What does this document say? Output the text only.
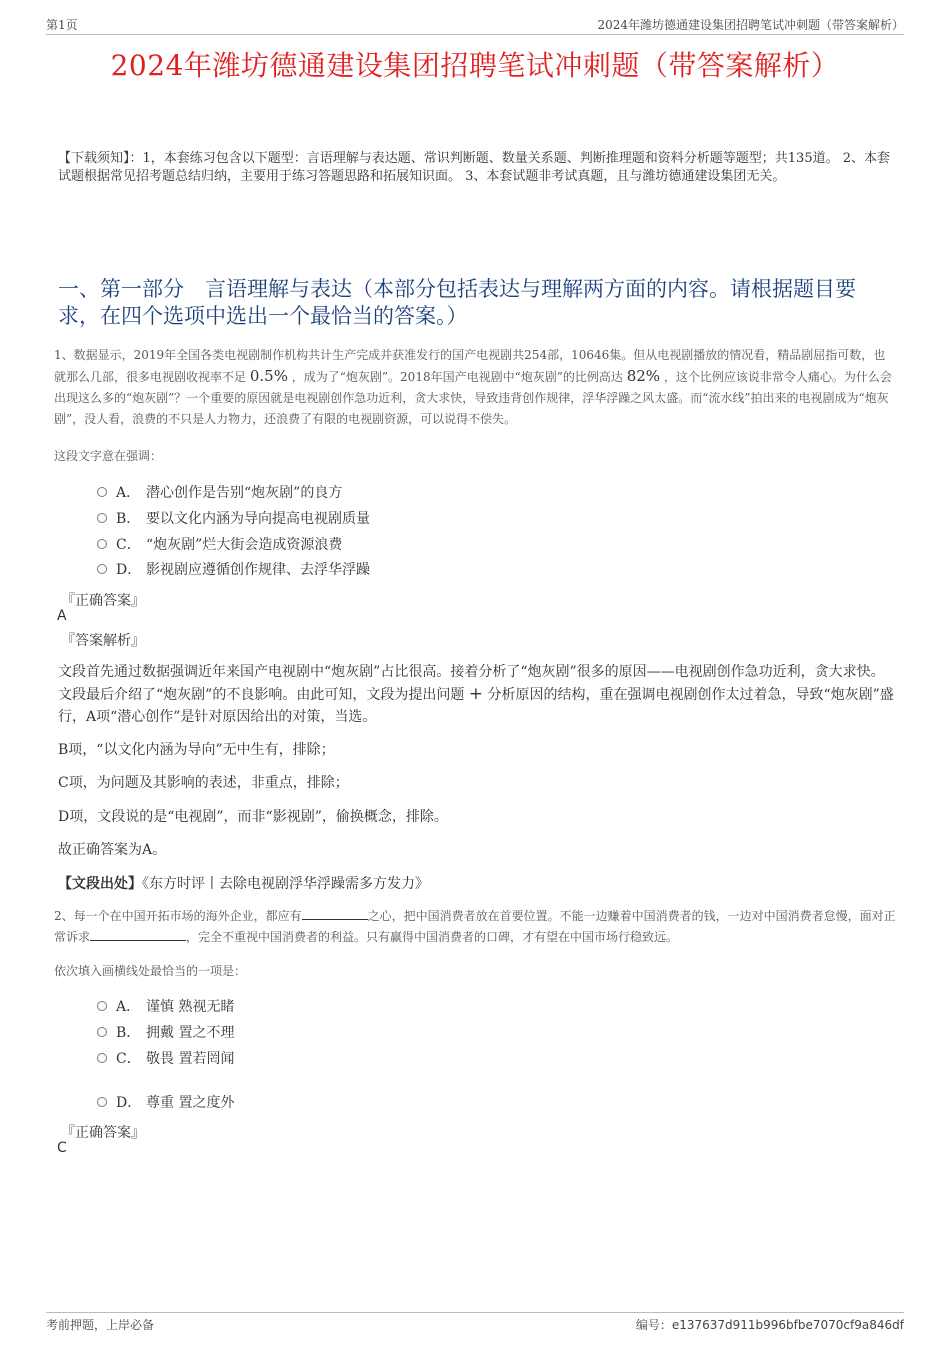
第1页	2024年潍坊德通建设集团招聘笔试冲刺题（带答案解析）
2024年潍坊德通建设集团招聘笔试冲刺题（带答案解析）
【下载须知】：1，本套练习包含以下题型：言语理解与表达题、常识判断题、数量关系题、判断推理题和资料分析题等题型；共135道。 2、本套试题根据常见招考题总结归纳，主要用于练习答题思路和拓展知识面。 3、本套试题非考试真题，且与潍坊德通建设集团无关。
一、第一部分　言语理解与表达（本部分包括表达与理解两方面的内容。请根据题目要求，在四个选项中选出一个最恰当的答案。）
1、数据显示，2019年全国各类电视剧制作机构共计生产完成并获准发行的国产电视剧共254部，10646集。但从电视剧播放的情况看，精品剧屈指可数，也就那么几部，很多电视剧收视率不足 0.5% ，成为了“炮灰剧”。2018年国产电视剧中“炮灰剧”的比例高达 82% ，这个比例应该说非常令人痛心。为什么会出现这么多的“炮灰剧”？一个重要的原因就是电视剧创作急功近利，贪大求快，导致违背创作规律，浮华浮躁之风太盛。而“流水线”拍出来的电视剧成为“炮灰剧”，没人看，浪费的不只是人力物力，还浪费了有限的电视剧资源，可以说得不偿失。
这段文字意在强调：
A． 潜心创作是告别“炮灰剧”的良方
B． 要以文化内涵为导向提高电视剧质量
C． “炮灰剧”烂大街会造成资源浪费
D． 影视剧应遵循创作规律、去浮华浮躁
『正确答案』
A
『答案解析』
文段首先通过数据强调近年来国产电视剧中“炮灰剧”占比很高。接着分析了“炮灰剧”很多的原因——电视剧创作急功近利，贪大求快。文段最后介绍了“炮灰剧”的不良影响。由此可知，文段为提出问题 + 分析原因的结构，重在强调电视剧创作太过着急，导致“炮灰剧”盛行，A项“潜心创作”是针对原因给出的对策，当选。
B项，“以文化内涵为导向”无中生有，排除；
C项，为问题及其影响的表述，非重点，排除；
D项，文段说的是“电视剧”，而非“影视剧”，偷换概念，排除。
故正确答案为A。
【文段出处】《东方时评丨去除电视剧浮华浮躁需多方发力》
2、每一个在中国开拓市场的海外企业，都应有	之心，把中国消费者放在首要位置。不能一边赚着中国消费者的钱，一边对中国消费者怠慢，面对正常诉求	，完全不重视中国消费者的利益。只有赢得中国消费者的口碑，才有望在中国市场行稳致远。
依次填入画横线处最恰当的一项是：
A． 谨慎 熟视无睹
B． 拥戴 置之不理
C． 敬畏 置若罔闻
D． 尊重 置之度外
『正确答案』
C
考前押题，上岸必备	编号：e137637d911b996bfbe7070cf9a846df
